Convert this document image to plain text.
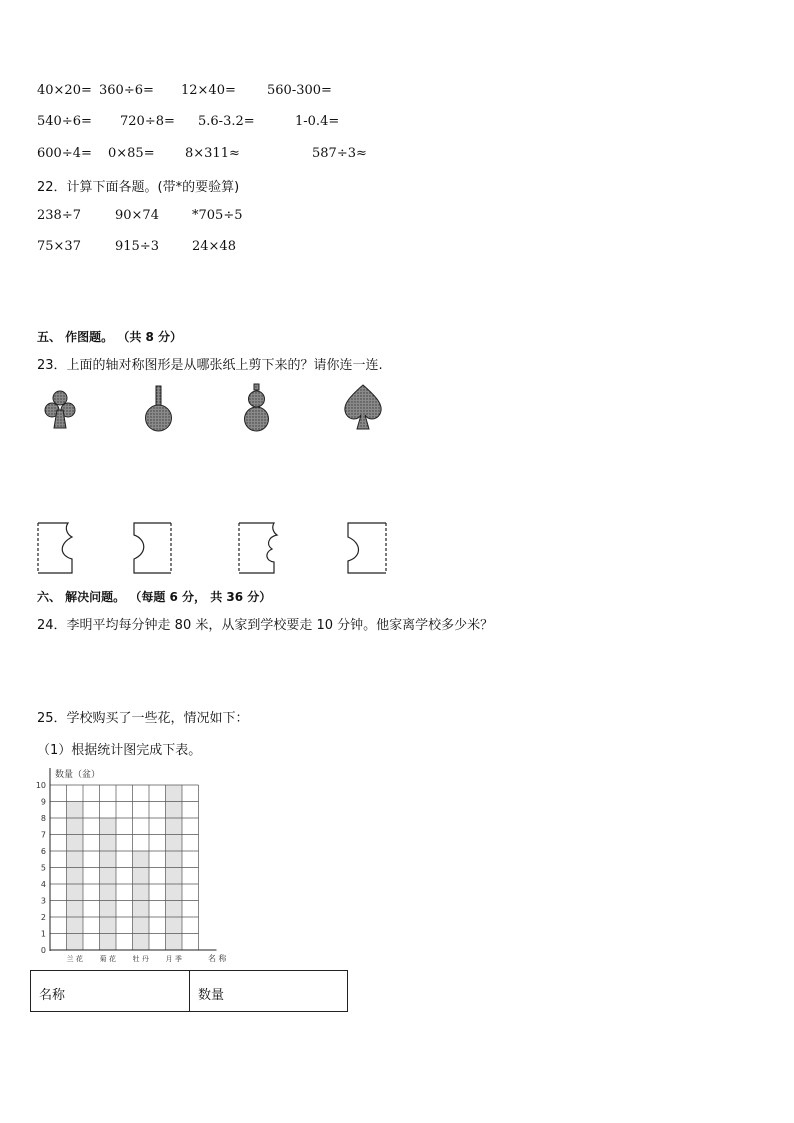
40×20= 360÷6= 12×40= 560-300=
540÷6= 720÷8= 5.6-3.2=	1-0.4=
600÷4= 0×85= 8×311≈	587÷3≈
22．计算下面各题。(带*的要验算)
238÷7	90×74	*705÷5
75×37	915÷3	24×48
五、 作图题。 （共 8 分）
23．上面的轴对称图形是从哪张纸上剪下来的？请你连一连.
六、 解决问题。 （每题 6 分， 共 36 分）
24．李明平均每分钟走 80 米，从家到学校要走 10 分钟。他家离学校多少米？
25．学校购买了一些花，情况如下：
（1）根据统计图完成下表。
数量（盆）
0
1
2
3
4
5
6
7
8
9
10
兰 花 菊 花 牡 丹 月 季	名 称
名称	数量
